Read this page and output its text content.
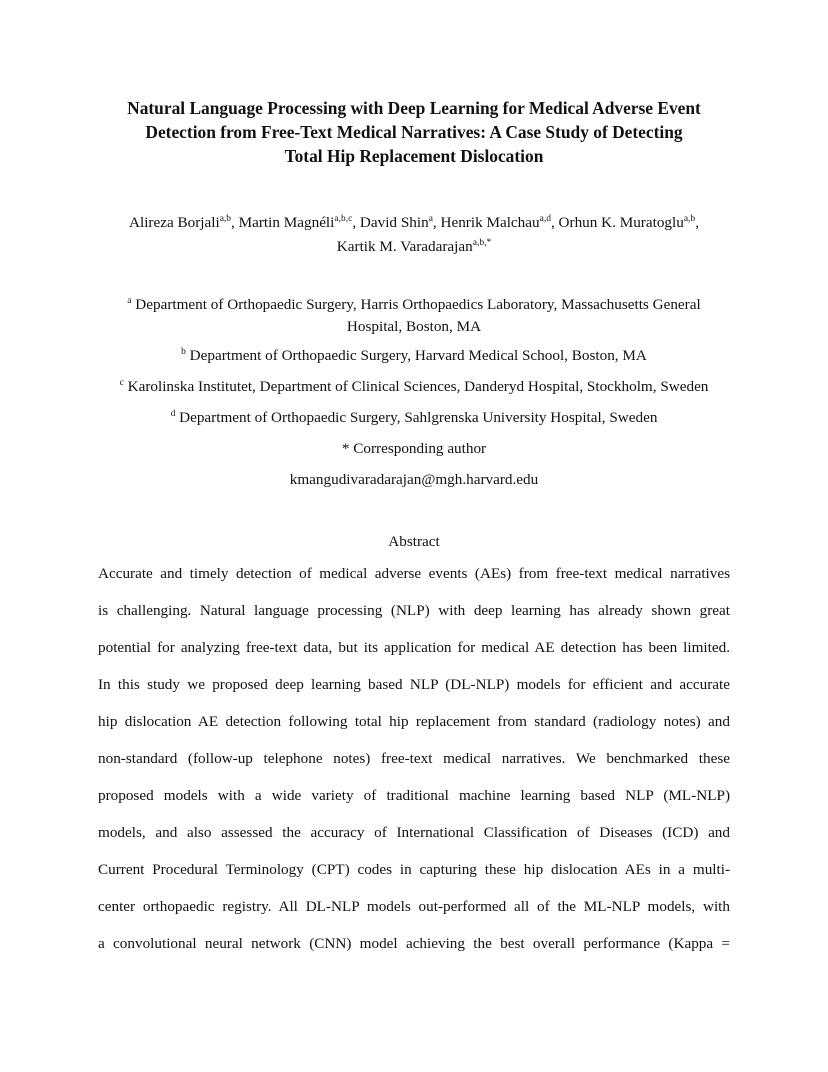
Natural Language Processing with Deep Learning for Medical Adverse Event
Detection from Free-Text Medical Narratives: A Case Study of Detecting
Total Hip Replacement Dislocation
Alireza Borjali$^{a,b}$, Martin Magnéli$^{a,b,c}$, David Shin$^a$, Henrik Malchau$^{a,d}$, Orhun K. Muratoglu$^{a,b}$,
Kartik M. Varadarajan$^{a,b,*}$
$^a$ Department of Orthopaedic Surgery, Harris Orthopaedics Laboratory, Massachusetts General
Hospital, Boston, MA
$^b$ Department of Orthopaedic Surgery, Harvard Medical School, Boston, MA
$^c$ Karolinska Institutet, Department of Clinical Sciences, Danderyd Hospital, Stockholm, Sweden
$^d$ Department of Orthopaedic Surgery, Sahlgrenska University Hospital, Sweden
* Corresponding author
kmangudivaradarajan@mgh.harvard.edu
Abstract
Accurate and timely detection of medical adverse events (AEs) from free-text medical narratives
is challenging. Natural language processing (NLP) with deep learning has already shown great
potential for analyzing free-text data, but its application for medical AE detection has been limited.
In this study we proposed deep learning based NLP (DL-NLP) models for efficient and accurate
hip dislocation AE detection following total hip replacement from standard (radiology notes) and
non-standard (follow-up telephone notes) free-text medical narratives. We benchmarked these
proposed models with a wide variety of traditional machine learning based NLP (ML-NLP)
models, and also assessed the accuracy of International Classification of Diseases (ICD) and
Current Procedural Terminology (CPT) codes in capturing these hip dislocation AEs in a multi-
center orthopaedic registry. All DL-NLP models out-performed all of the ML-NLP models, with
a convolutional neural network (CNN) model achieving the best overall performance (Kappa =
